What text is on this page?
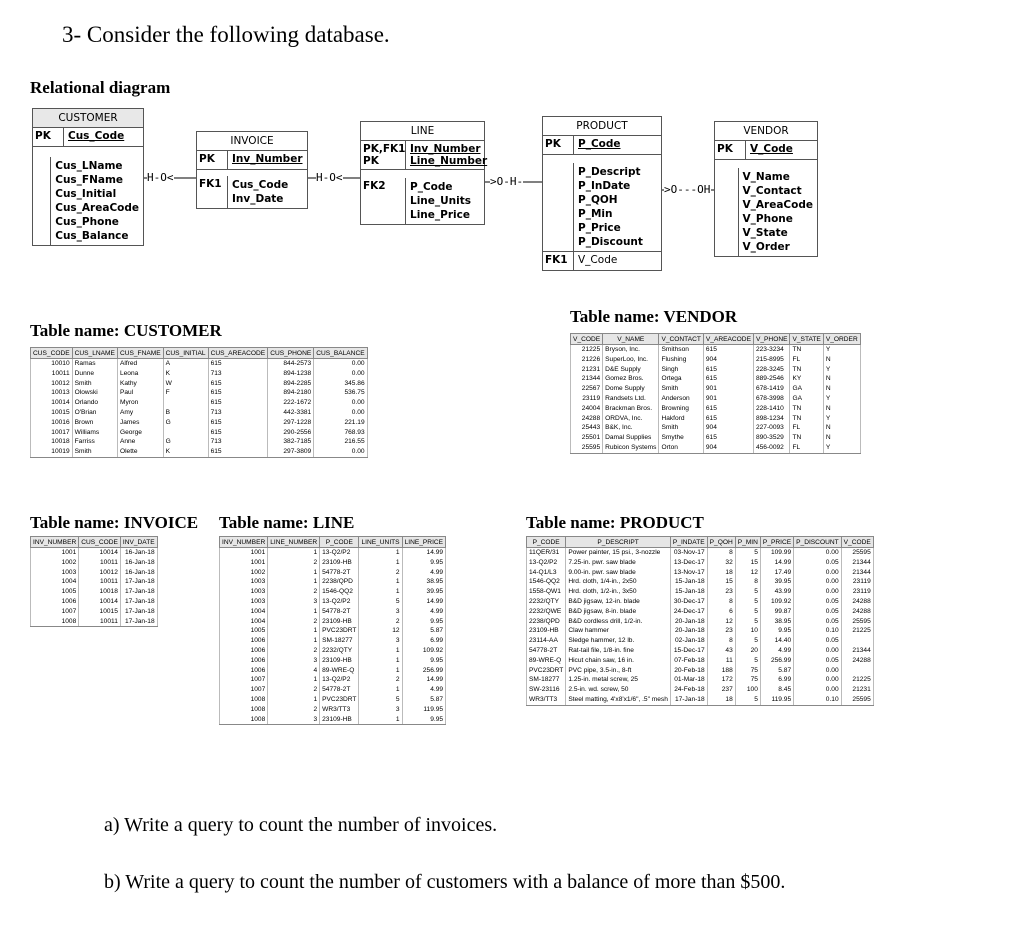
3- Consider the following database.
Relational diagram
CUSTOMER
PK	Cus_Code
Cus_LName
Cus_FName
Cus_Initial
Cus_AreaCode
Cus_Phone
Cus_Balance
INVOICE
PK	Inv_Number
FK1 Cus_Code
Inv_Date
LINE
PK,FK1
PK
Inv_Number
Line_Number
FK2	P_Code
Line_Units
Line_Price
PRODUCT
PK	P_Code
P_Descript
P_InDate
P_QOH
P_Min
P_Price
P_Discount
FK1 V_Code
VENDOR
PK	V_Code
V_Name
V_Contact
V_AreaCode
V_Phone
V_State
V_Order
H-O<	H-O<	>O-H-
>O---OH
Table name: CUSTOMER
Table name: VENDOR
Table name: INVOICE Table name: LINE	Table name: PRODUCT
CUS_CODE	CUS_LNAME	CUS_FNAME	CUS_INITIAL	CUS_AREACODE	CUS_PHONE	CUS_BALANCE
10010	Ramas	Alfred	A	615	844-2573	0.00
10011	Dunne	Leona	K	713	894-1238	0.00
10012	Smith	Kathy	W	615	894-2285	345.86
10013	Olowski	Paul	F	615	894-2180	536.75
10014	Orlando	Myron		615	222-1672	0.00
10015	O'Brian	Amy	B	713	442-3381	0.00
10016	Brown	James	G	615	297-1228	221.19
10017	Williams	George		615	290-2556	768.93
10018	Farriss	Anne	G	713	382-7185	216.55
10019	Smith	Olette	K	615	297-3809	0.00
V_CODE	V_NAME	V_CONTACT	V_AREACODE	V_PHONE	V_STATE	V_ORDER
21225	Bryson, Inc.	Smithson	615	223-3234	TN	Y
21226	SuperLoo, Inc.	Flushing	904	215-8995	FL	N
21231	D&E Supply	Singh	615	228-3245	TN	Y
21344	Gomez Bros.	Ortega	615	889-2546	KY	N
22567	Dome Supply	Smith	901	678-1419	GA	N
23119	Randsets Ltd.	Anderson	901	678-3998	GA	Y
24004	Brackman Bros.	Browning	615	228-1410	TN	N
24288	ORDVA, Inc.	Hakford	615	898-1234	TN	Y
25443	B&K, Inc.	Smith	904	227-0093	FL	N
25501	Damal Supplies	Smythe	615	890-3529	TN	N
25595	Rubicon Systems	Orton	904	456-0092	FL	Y
INV_NUMBER	CUS_CODE	INV_DATE
1001	10014	16-Jan-18
1002	10011	16-Jan-18
1003	10012	16-Jan-18
1004	10011	17-Jan-18
1005	10018	17-Jan-18
1006	10014	17-Jan-18
1007	10015	17-Jan-18
1008	10011	17-Jan-18
INV_NUMBER	LINE_NUMBER	P_CODE	LINE_UNITS	LINE_PRICE
1001	1	13-Q2/P2	1	14.99
1001	2	23109-HB	1	9.95
1002	1	54778-2T	2	4.99
1003	1	2238/QPD	1	38.95
1003	2	1546-QQ2	1	39.95
1003	3	13-Q2/P2	5	14.99
1004	1	54778-2T	3	4.99
1004	2	23109-HB	2	9.95
1005	1	PVC23DRT	12	5.87
1006	1	SM-18277	3	6.99
1006	2	2232/QTY	1	109.92
1006	3	23109-HB	1	9.95
1006	4	89-WRE-Q	1	256.99
1007	1	13-Q2/P2	2	14.99
1007	2	54778-2T	1	4.99
1008	1	PVC23DRT	5	5.87
1008	2	WR3/TT3	3	119.95
1008	3	23109-HB	1	9.95
P_CODE	P_DESCRIPT	P_INDATE	P_QOH	P_MIN	P_PRICE	P_DISCOUNT	V_CODE
11QER/31	Power painter, 15 psi., 3-nozzle	03-Nov-17	8	5	109.99	0.00	25595
13-Q2/P2	7.25-in. pwr. saw blade	13-Dec-17	32	15	14.99	0.05	21344
14-Q1/L3	9.00-in. pwr. saw blade	13-Nov-17	18	12	17.49	0.00	21344
1546-QQ2	Hrd. cloth, 1/4-in., 2x50	15-Jan-18	15	8	39.95	0.00	23119
1558-QW1	Hrd. cloth, 1/2-in., 3x50	15-Jan-18	23	5	43.99	0.00	23119
2232/QTY	B&D jigsaw, 12-in. blade	30-Dec-17	8	5	109.92	0.05	24288
2232/QWE	B&D jigsaw, 8-in. blade	24-Dec-17	6	5	99.87	0.05	24288
2238/QPD	B&D cordless drill, 1/2-in.	20-Jan-18	12	5	38.95	0.05	25595
23109-HB	Claw hammer	20-Jan-18	23	10	9.95	0.10	21225
23114-AA	Sledge hammer, 12 lb.	02-Jan-18	8	5	14.40	0.05	
54778-2T	Rat-tail file, 1/8-in. fine	15-Dec-17	43	20	4.99	0.00	21344
89-WRE-Q	Hicut chain saw, 16 in.	07-Feb-18	11	5	256.99	0.05	24288
PVC23DRT	PVC pipe, 3.5-in., 8-ft	20-Feb-18	188	75	5.87	0.00	
SM-18277	1.25-in. metal screw, 25	01-Mar-18	172	75	6.99	0.00	21225
SW-23116	2.5-in. wd. screw, 50	24-Feb-18	237	100	8.45	0.00	21231
WR3/TT3	Steel matting, 4'x8'x1/6", .5" mesh	17-Jan-18	18	5	119.95	0.10	25595
a) Write a query to count the number of invoices.
b) Write a query to count the number of customers with a balance of more than $500.
